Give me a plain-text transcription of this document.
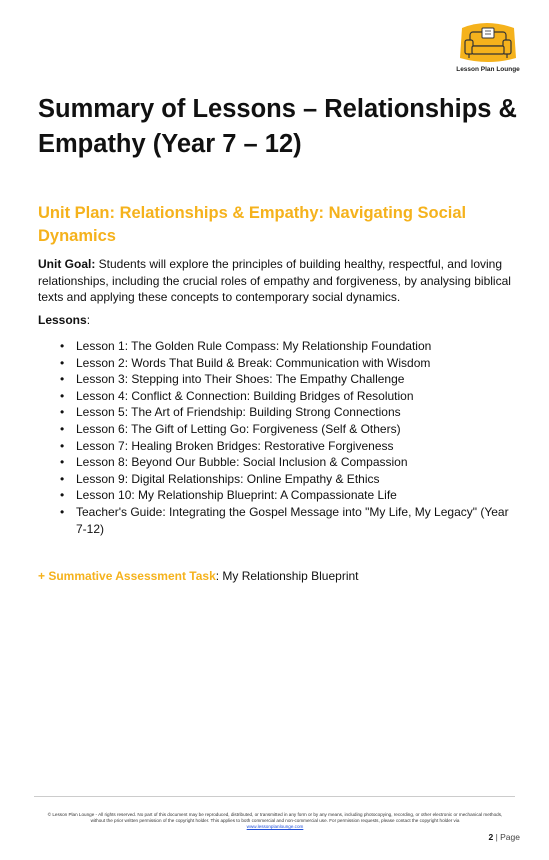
Lesson Plan Lounge
Summary of Lessons – Relationships & Empathy (Year 7 – 12)
Unit Plan: Relationships & Empathy: Navigating Social Dynamics

Unit Goal: Students will explore the principles of building healthy, respectful, and loving relationships, including the crucial roles of empathy and forgiveness, by analysing biblical texts and applying these concepts to contemporary social dynamics.

Lessons:

• Lesson 1: The Golden Rule Compass: My Relationship Foundation
• Lesson 2: Words That Build & Break: Communication with Wisdom
• Lesson 3: Stepping into Their Shoes: The Empathy Challenge
• Lesson 4: Conflict & Connection: Building Bridges of Resolution
• Lesson 5: The Art of Friendship: Building Strong Connections
• Lesson 6: The Gift of Letting Go: Forgiveness (Self & Others)
• Lesson 7: Healing Broken Bridges: Restorative Forgiveness
• Lesson 8: Beyond Our Bubble: Social Inclusion & Compassion
• Lesson 9: Digital Relationships: Online Empathy & Ethics
• Lesson 10: My Relationship Blueprint: A Compassionate Life
• Teacher's Guide: Integrating the Gospel Message into "My Life, My Legacy" (Year 7-12)

+ Summative Assessment Task: My Relationship Blueprint

© Lesson Plan Lounge - All rights reserved. No part of this document may be reproduced, distributed, or transmitted in any form or by any means, including photocopying, recording, or other electronic or mechanical methods, without the prior written permission of the copyright holder. This applies to both commercial and non-commercial use. For permission requests, please contact the copyright holder via
www.lessonplanlounge.com

2 | Page
